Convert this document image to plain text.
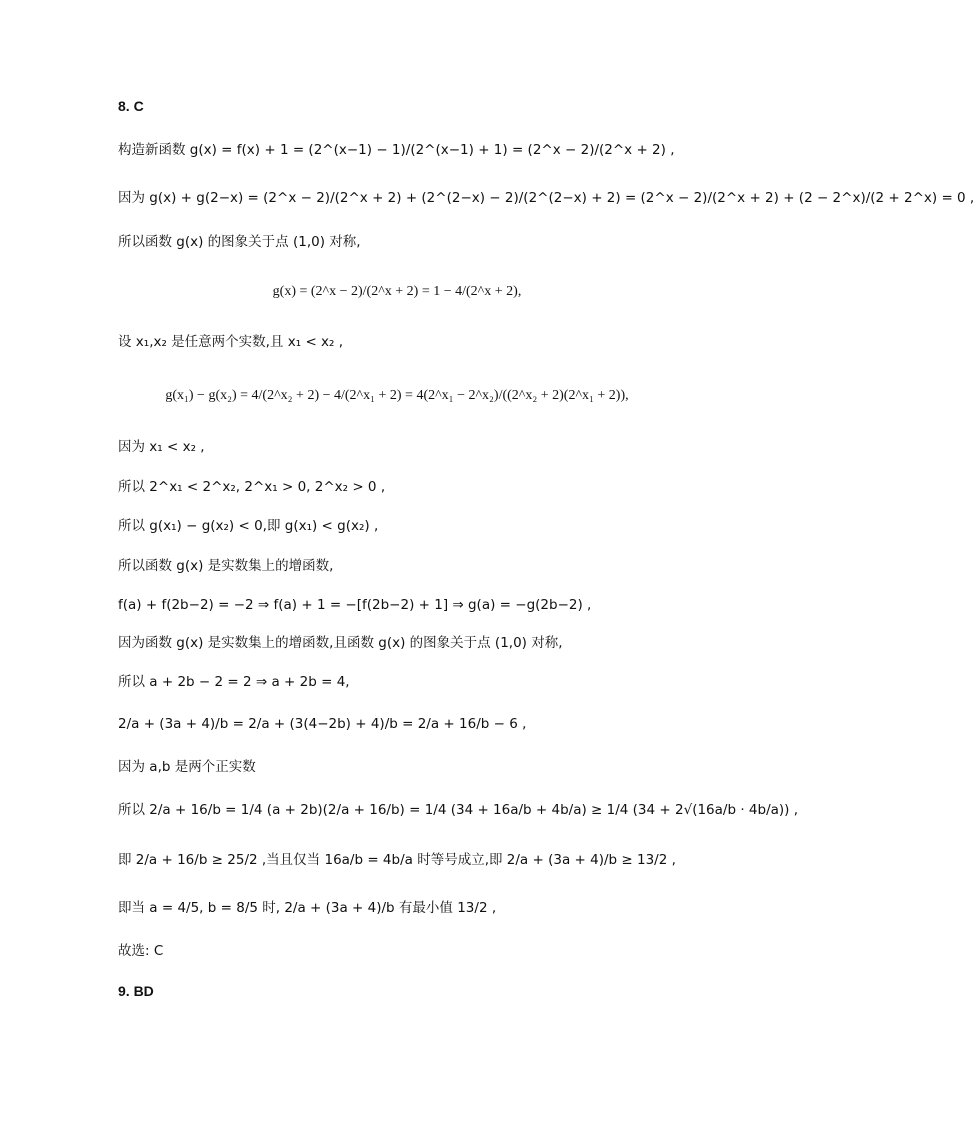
8. C
构造新函数 g(x) = f(x) + 1 = (2^(x−1) − 1)/(2^(x−1) + 1) = (2^x − 2)/(2^x + 2) ,
因为 g(x) + g(2−x) = (2^x − 2)/(2^x + 2) + (2^(2−x) − 2)/(2^(2−x) + 2) = (2^x − 2)/(2^x + 2) + (2 − 2^x)/(2 + 2^x) = 0 ,
所以函数 g(x) 的图象关于点 (1,0) 对称,
g(x) = (2^x − 2)/(2^x + 2) = 1 − 4/(2^x + 2),
设 x₁,x₂ 是任意两个实数,且 x₁ < x₂ ,
g(x₁) − g(x₂) = 4/(2^x₂ + 2) − 4/(2^x₁ + 2) = 4(2^x₁ − 2^x₂)/((2^x₂ + 2)(2^x₁ + 2)),
因为 x₁ < x₂ ,
所以 2^x₁ < 2^x₂, 2^x₁ > 0, 2^x₂ > 0 ,
所以 g(x₁) − g(x₂) < 0,即 g(x₁) < g(x₂) ,
所以函数 g(x) 是实数集上的增函数,
f(a) + f(2b−2) = −2 ⇒ f(a) + 1 = −[f(2b−2) + 1] ⇒ g(a) = −g(2b−2) ,
因为函数 g(x) 是实数集上的增函数,且函数 g(x) 的图象关于点 (1,0) 对称,
所以 a + 2b − 2 = 2 ⇒ a + 2b = 4,
2/a + (3a + 4)/b = 2/a + (3(4−2b) + 4)/b = 2/a + 16/b − 6 ,
因为 a,b 是两个正实数
所以 2/a + 16/b = 1/4 (a + 2b)(2/a + 16/b) = 1/4 (34 + 16a/b + 4b/a) ≥ 1/4 (34 + 2√(16a/b · 4b/a)) ,
即 2/a + 16/b ≥ 25/2 ,当且仅当 16a/b = 4b/a 时等号成立,即 2/a + (3a + 4)/b ≥ 13/2 ,
即当 a = 4/5, b = 8/5 时, 2/a + (3a + 4)/b 有最小值 13/2 ,
故选: C
9. BD
